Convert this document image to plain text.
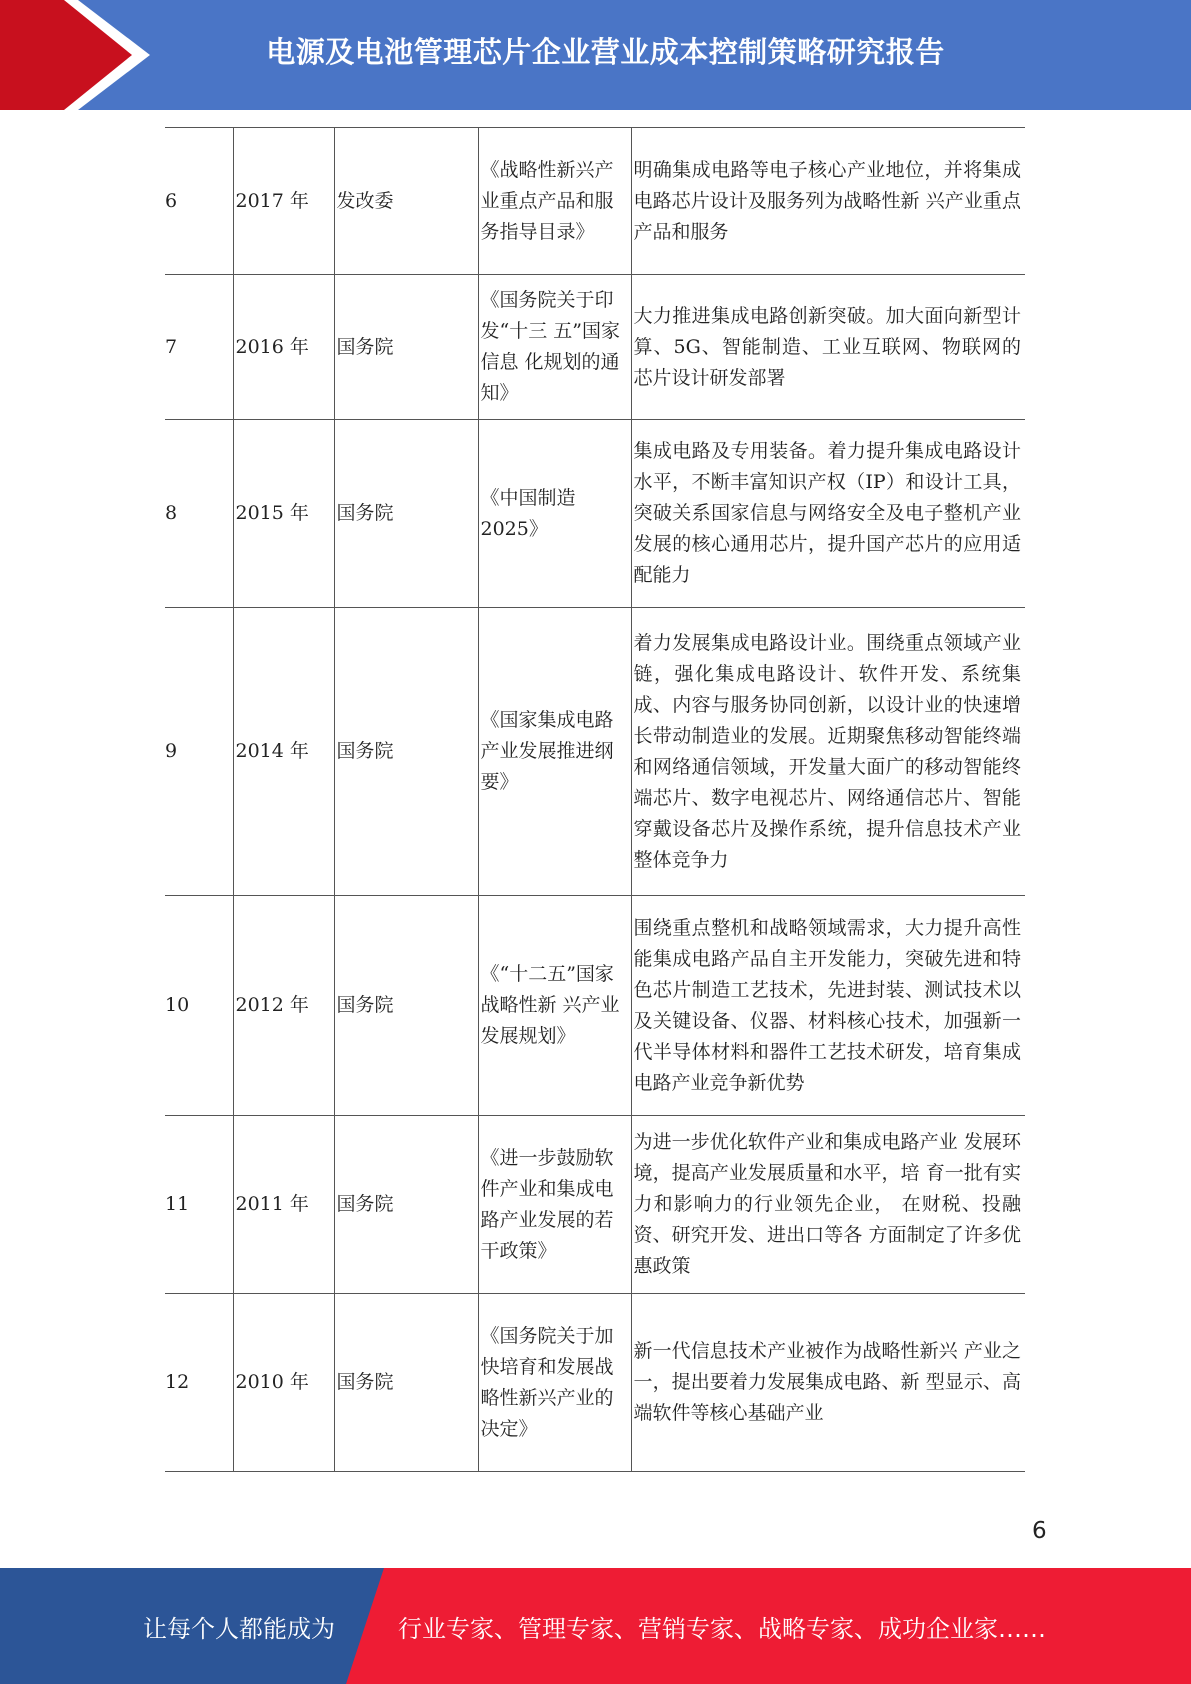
电源及电池管理芯片企业营业成本控制策略研究报告
6	2017 年	发改委	《战略性新兴产业重点产品和服务指导目录》	明确集成电路等电子核心产业地位，并将集成电路芯片设计及服务列为战略性新 兴产业重点产品和服务
7	2016 年	国务院	《国务院关于印发“十三 五”国家信息 化规划的通 知》	大力推进集成电路创新突破。加大面向新型计算、5G、智能制造、工业互联网、物联网的芯片设计研发部署
8	2015 年	国务院	《中国制造2025》	集成电路及专用装备。着力提升集成电路设计水平，不断丰富知识产权（IP）和设计工具，突破关系国家信息与网络安全及电子整机产业发展的核心通用芯片，提升国产芯片的应用适配能力
9	2014 年	国务院	《国家集成电路产业发展推进纲要》	着力发展集成电路设计业。围绕重点领域产业链，强化集成电路设计、软件开发、系统集成、内容与服务协同创新，以设计业的快速增长带动制造业的发展。近期聚焦移动智能终端和网络通信领域，开发量大面广的移动智能终端芯片、数字电视芯片、网络通信芯片、智能穿戴设备芯片及操作系统，提升信息技术产业整体竞争力
10	2012 年	国务院	《“十二五”国家战略性新 兴产业发展规划》	围绕重点整机和战略领域需求，大力提升高性能集成电路产品自主开发能力，突破先进和特色芯片制造工艺技术，先进封装、测试技术以及关键设备、仪器、材料核心技术，加强新一代半导体材料和器件工艺技术研发，培育集成电路产业竞争新优势
11	2011 年	国务院	《进一步鼓励软件产业和集成电路产业发展的若干政策》	为进一步优化软件产业和集成电路产业 发展环境，提高产业发展质量和水平，培 育一批有实力和影响力的行业领先企业， 在财税、投融资、研究开发、进出口等各 方面制定了许多优惠政策
12	2010 年	国务院	《国务院关于加快培育和发展战略性新兴产业的决定》	新一代信息技术产业被作为战略性新兴 产业之一，提出要着力发展集成电路、新 型显示、高端软件等核心基础产业
6
让每个人都能成为	行业专家、管理专家、营销专家、战略专家、成功企业家……
